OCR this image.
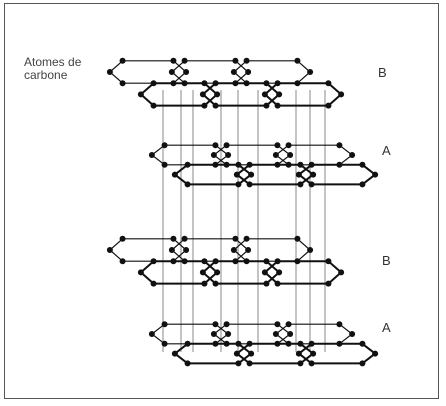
Atomes de
carbone	B
A
B
A
